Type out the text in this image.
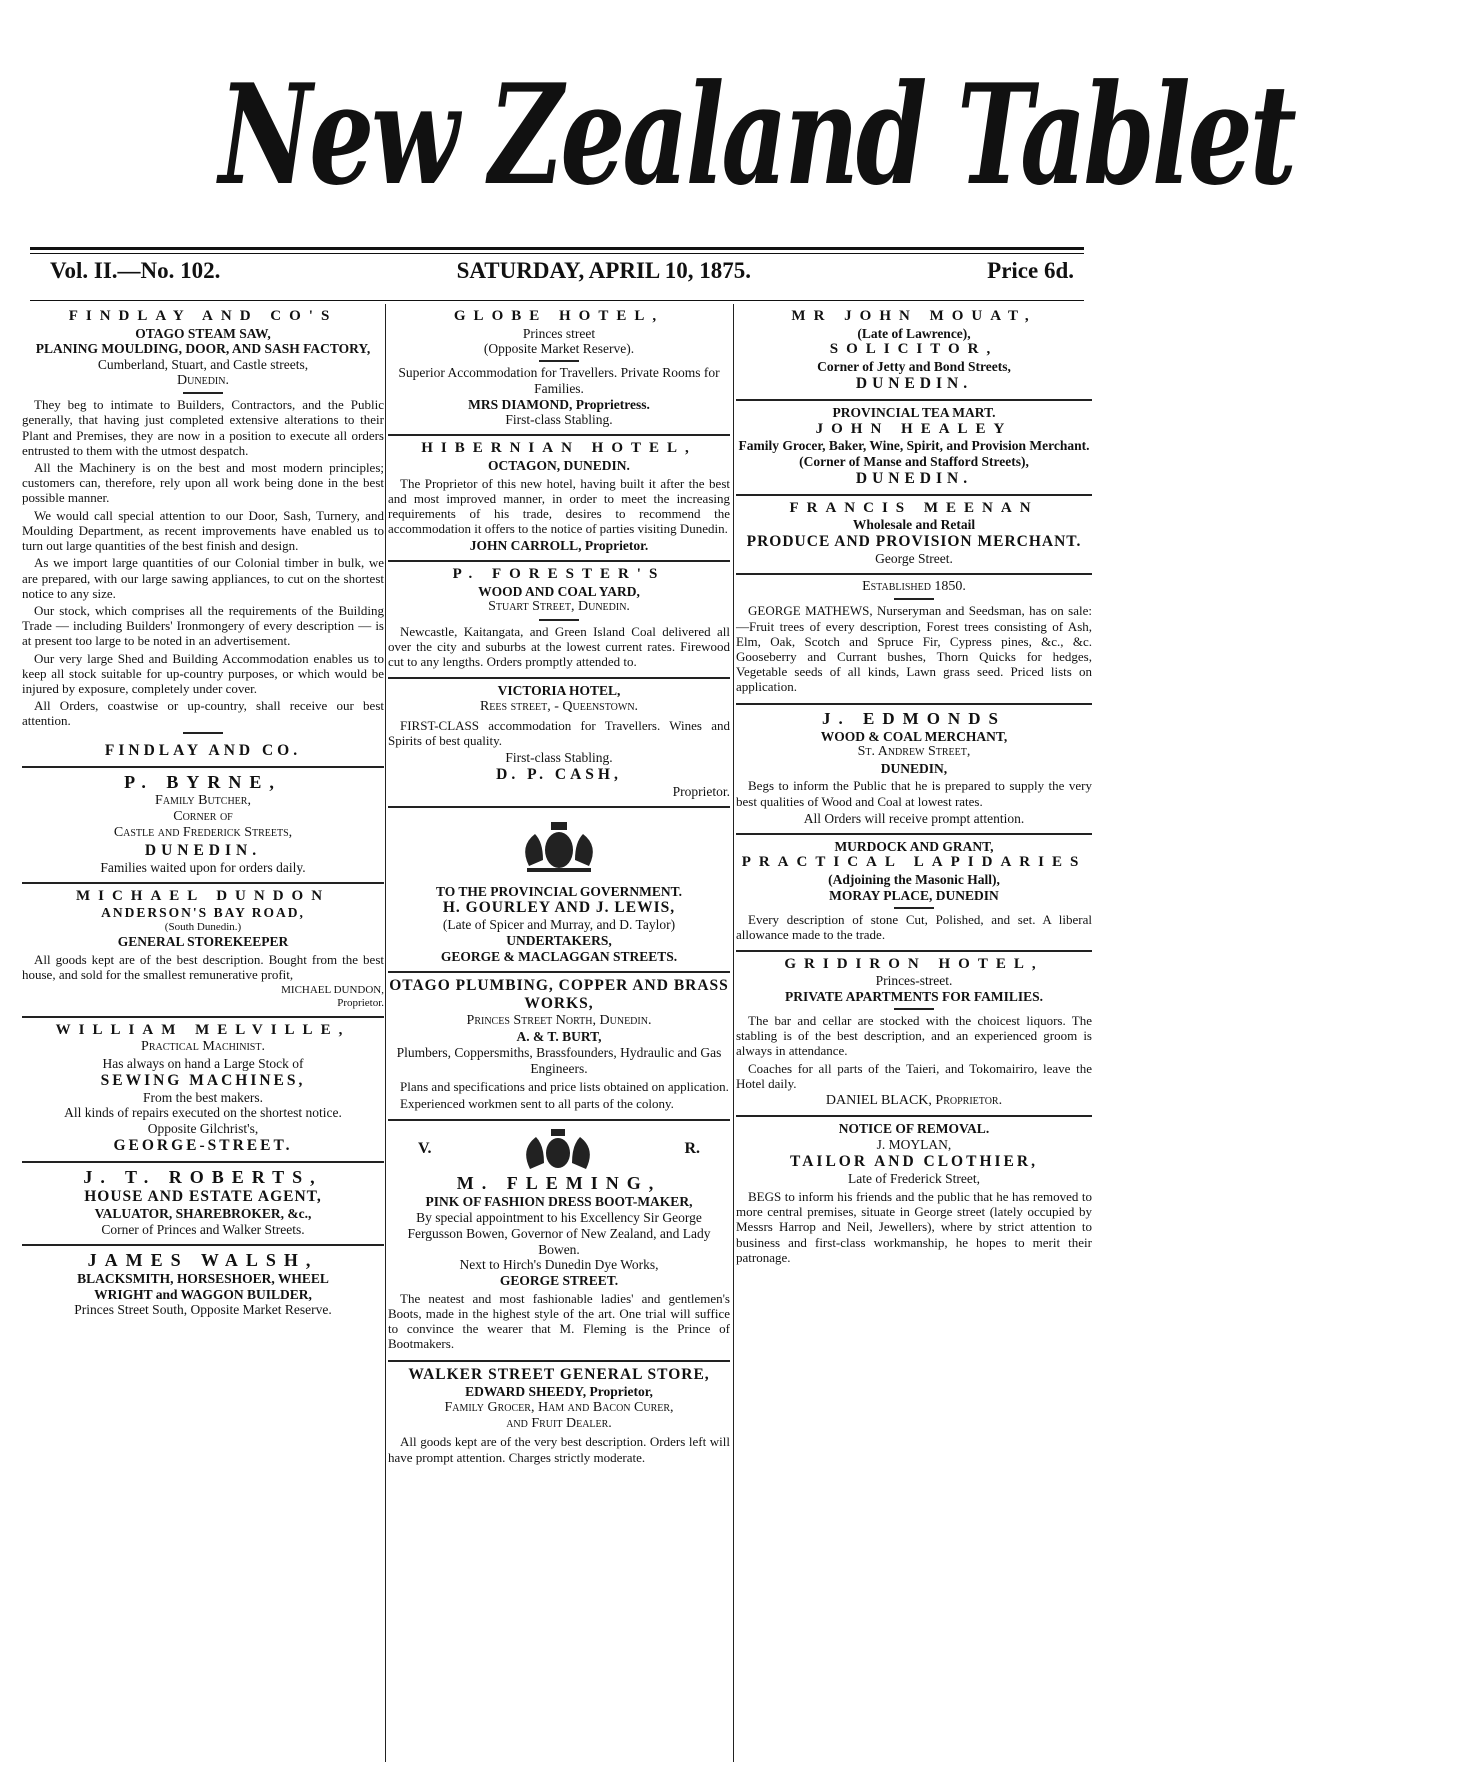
New Zealand Tablet
Vol. II.—No. 102.	SATURDAY, APRIL 10, 1875.	Price 6d.
FINDLAY AND CO'S
OTAGO STEAM SAW,
PLANING MOULDING, DOOR, AND SASH FACTORY,
Cumberland, Stuart, and Castle streets,
Dunedin.

They beg to intimate to Builders, Contractors, and the Public generally, that having just completed extensive alterations to their Plant and Premises, they are now in a position to execute all orders entrusted to them with the utmost despatch.

All the Machinery is on the best and most modern principles; customers can, therefore, rely upon all work being done in the best possible manner.

We would call special attention to our Door, Sash, Turnery, and Moulding Department, as recent improvements have enabled us to turn out large quantities of the best finish and design.

As we import large quantities of our Colonial timber in bulk, we are prepared, with our large sawing appliances, to cut on the shortest notice to any size.

Our stock, which comprises all the requirements of the Building Trade — including Builders' Ironmongery of every description — is at present too large to be noted in an advertisement.

Our very large Shed and Building Accommodation enables us to keep all stock suitable for up-country purposes, or which would be injured by exposure, completely under cover.

All Orders, coastwise or up-country, shall receive our best attention.

FINDLAY AND CO.
P. BYRNE,
Family Butcher,
Corner of
Castle and Frederick Streets,
DUNEDIN.
Families waited upon for orders daily.
MICHAEL DUNDON
ANDERSON'S BAY ROAD,
(South Dunedin.)
GENERAL STOREKEEPER

All goods kept are of the best description. Bought from the best house, and sold for the smallest remunerative profit,

MICHAEL DUNDON,
Proprietor.
WILLIAM MELVILLE,
Practical Machinist.
Has always on hand a Large Stock of
SEWING MACHINES,
From the best makers.
All kinds of repairs executed on the shortest notice.
Opposite Gilchrist's,
GEORGE-STREET.
J. T. ROBERTS,
HOUSE AND ESTATE AGENT,
VALUATOR, SHAREBROKER, &c.,
Corner of Princes and Walker Streets.
JAMES WALSH,
BLACKSMITH, HORSESHOER, WHEEL
WRIGHT and WAGGON BUILDER,
Princes Street South, Opposite Market Reserve.
GLOBE HOTEL,
Princes street
(Opposite Market Reserve).
Superior Accommodation for Travellers. Private Rooms for Families.
MRS DIAMOND, Proprietress.
First-class Stabling.
HIBERNIAN HOTEL,
OCTAGON, DUNEDIN.

The Proprietor of this new hotel, having built it after the best and most improved manner, in order to meet the increasing requirements of his trade, desires to recommend the accommodation it offers to the notice of parties visiting Dunedin.

JOHN CARROLL, Proprietor.
P. FORESTER'S
WOOD AND COAL YARD,
Stuart Street, Dunedin.

Newcastle, Kaitangata, and Green Island Coal delivered all over the city and suburbs at the lowest current rates. Firewood cut to any lengths. Orders promptly attended to.

VICTORIA HOTEL,
Rees street, - Queenstown.

FIRST-CLASS accommodation for Travellers. Wines and Spirits of best quality.

First-class Stabling.
D. P. CASH,
Proprietor.
TO THE PROVINCIAL GOVERNMENT.
H. GOURLEY AND J. LEWIS,
(Late of Spicer and Murray, and D. Taylor)
UNDERTAKERS,
GEORGE & MACLAGGAN STREETS.
OTAGO PLUMBING, COPPER AND BRASS WORKS,
Princes Street North, Dunedin.
A. & T. BURT,
Plumbers, Coppersmiths, Brassfounders, Hydraulic and Gas Engineers.

Plans and specifications and price lists obtained on application.

Experienced workmen sent to all parts of the colony.

V.	R.
M. FLEMING,
PINK OF FASHION DRESS BOOT-MAKER,
By special appointment to his Excellency Sir George Fergusson Bowen, Governor of New Zealand, and Lady Bowen.
Next to Hirch's Dunedin Dye Works,
GEORGE STREET.

The neatest and most fashionable ladies' and gentlemen's Boots, made in the highest style of the art. One trial will suffice to convince the wearer that M. Fleming is the Prince of Bootmakers.

WALKER STREET GENERAL STORE,
EDWARD SHEEDY, Proprietor,
Family Grocer, Ham and Bacon Curer,
and Fruit Dealer.

All goods kept are of the very best description. Orders left will have prompt attention. Charges strictly moderate.

MR JOHN MOUAT,
(Late of Lawrence),
SOLICITOR,
Corner of Jetty and Bond Streets,
DUNEDIN.
PROVINCIAL TEA MART.
JOHN HEALEY
Family Grocer, Baker, Wine, Spirit, and Provision Merchant.
(Corner of Manse and Stafford Streets),
DUNEDIN.
FRANCIS MEENAN
Wholesale and Retail
PRODUCE AND PROVISION MERCHANT.
George Street.
Established 1850.

GEORGE MATHEWS, Nurseryman and Seedsman, has on sale:—Fruit trees of every description, Forest trees consisting of Ash, Elm, Oak, Scotch and Spruce Fir, Cypress pines, &c., &c. Gooseberry and Currant bushes, Thorn Quicks for hedges, Vegetable seeds of all kinds, Lawn grass seed. Priced lists on application.

J. EDMONDS
WOOD & COAL MERCHANT,
St. Andrew Street,
DUNEDIN,

Begs to inform the Public that he is prepared to supply the very best qualities of Wood and Coal at lowest rates.

All Orders will receive prompt attention.
MURDOCK AND GRANT,
PRACTICAL LAPIDARIES
(Adjoining the Masonic Hall),
MORAY PLACE, DUNEDIN

Every description of stone Cut, Polished, and set. A liberal allowance made to the trade.

GRIDIRON HOTEL,
Princes-street.
PRIVATE APARTMENTS FOR FAMILIES.

The bar and cellar are stocked with the choicest liquors. The stabling is of the best description, and an experienced groom is always in attendance.

Coaches for all parts of the Taieri, and Tokomairiro, leave the Hotel daily.

DANIEL BLACK, Proprietor.
NOTICE OF REMOVAL.
J. MOYLAN,
TAILOR AND CLOTHIER,
Late of Frederick Street,

BEGS to inform his friends and the public that he has removed to more central premises, situate in George street (lately occupied by Messrs Harrop and Neil, Jewellers), where by strict attention to business and first-class workmanship, he hopes to merit their patronage.
